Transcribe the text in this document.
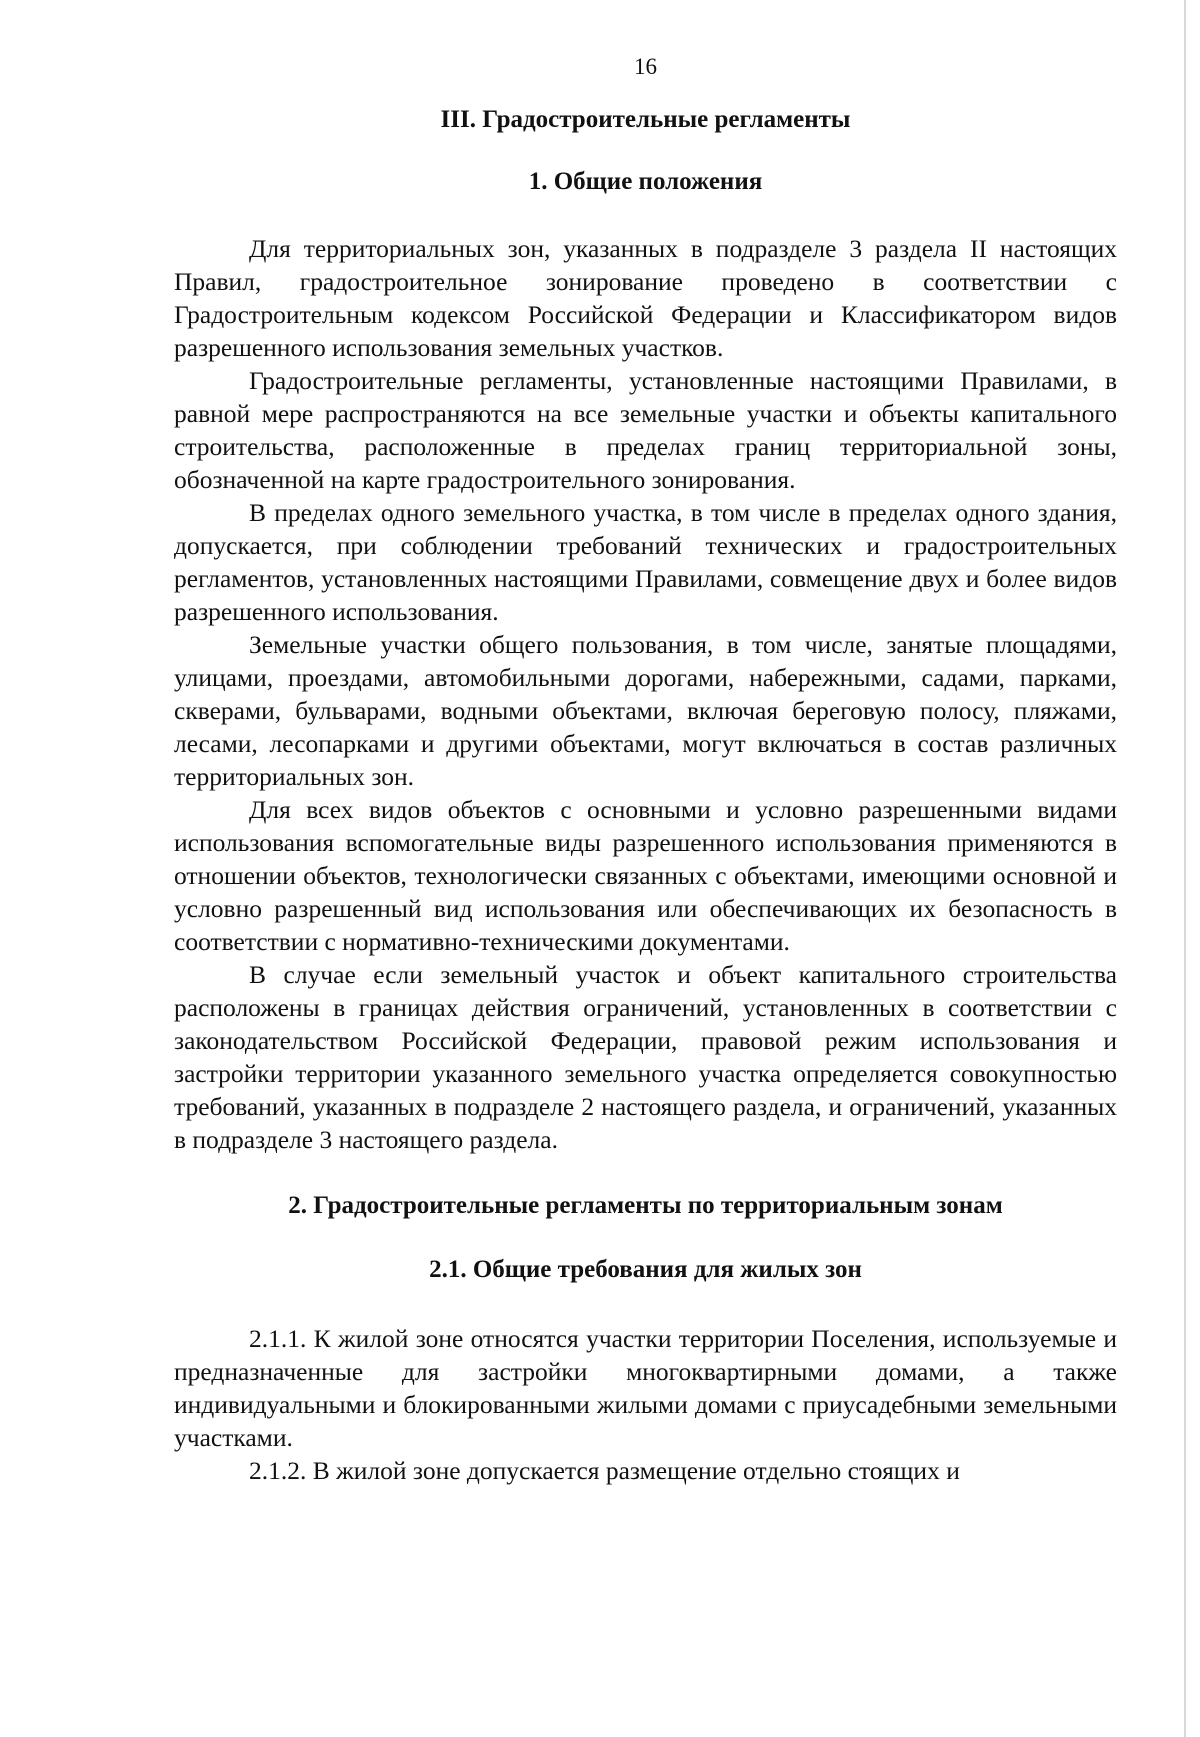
16
III. Градостроительные регламенты
1. Общие положения

Для территориальных зон, указанных в подразделе 3 раздела II настоящих Правил, градостроительное зонирование проведено в соответствии с Градостроительным кодексом Российской Федерации и Классификатором видов разрешенного использования земельных участков.

Градостроительные регламенты, установленные настоящими Правилами, в равной мере распространяются на все земельные участки и объекты капитального строительства, расположенные в пределах границ территориальной зоны, обозначенной на карте градостроительного зонирования.

В пределах одного земельного участка, в том числе в пределах одного здания, допускается, при соблюдении требований технических и градостроительных регламентов, установленных настоящими Правилами, совмещение двух и более видов разрешенного использования.

Земельные участки общего пользования, в том числе, занятые площадями, улицами, проездами, автомобильными дорогами, набережными, садами, парками, скверами, бульварами, водными объектами, включая береговую полосу, пляжами, лесами, лесопарками и другими объектами, могут включаться в состав различных территориальных зон.

Для всех видов объектов с основными и условно разрешенными видами использования вспомогательные виды разрешенного использования применяются в отношении объектов, технологически связанных с объектами, имеющими основной и условно разрешенный вид использования или обеспечивающих их безопасность в соответствии с нормативно-техническими документами.

В случае если земельный участок и объект капитального строительства расположены в границах действия ограничений, установленных в соответствии с законодательством Российской Федерации, правовой режим использования и застройки территории указанного земельного участка определяется совокупностью требований, указанных в подразделе 2 настоящего раздела, и ограничений, указанных в подразделе 3 настоящего раздела.

2. Градостроительные регламенты по территориальным зонам
2.1. Общие требования для жилых зон

2.1.1. К жилой зоне относятся участки территории Поселения, используемые и предназначенные для застройки многоквартирными домами, а также индивидуальными и блокированными жилыми домами с приусадебными земельными участками.

2.1.2. В жилой зоне допускается размещение отдельно стоящих и
